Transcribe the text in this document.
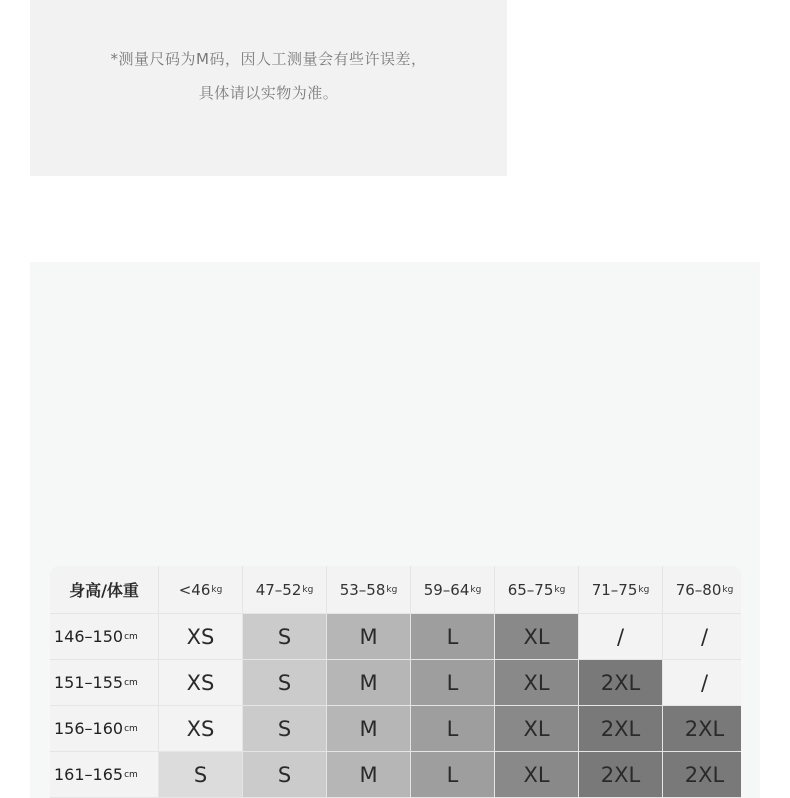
*测量尺码为M码，因人工测量会有些许误差，
具体请以实物为准。
身高/体重	<46 kg 47–52 kg 53–58 kg 59–64 kg 65–75 kg 71–75 kg 76–80 kg
146–150 cm	XS	S	M	L	XL	/	/
151–155 cm	XS	S	M	L	XL	2XL	/
156–160 cm	XS	S	M	L	XL	2XL	2XL
161–165 cm	S	S	M	L	XL	2XL	2XL
